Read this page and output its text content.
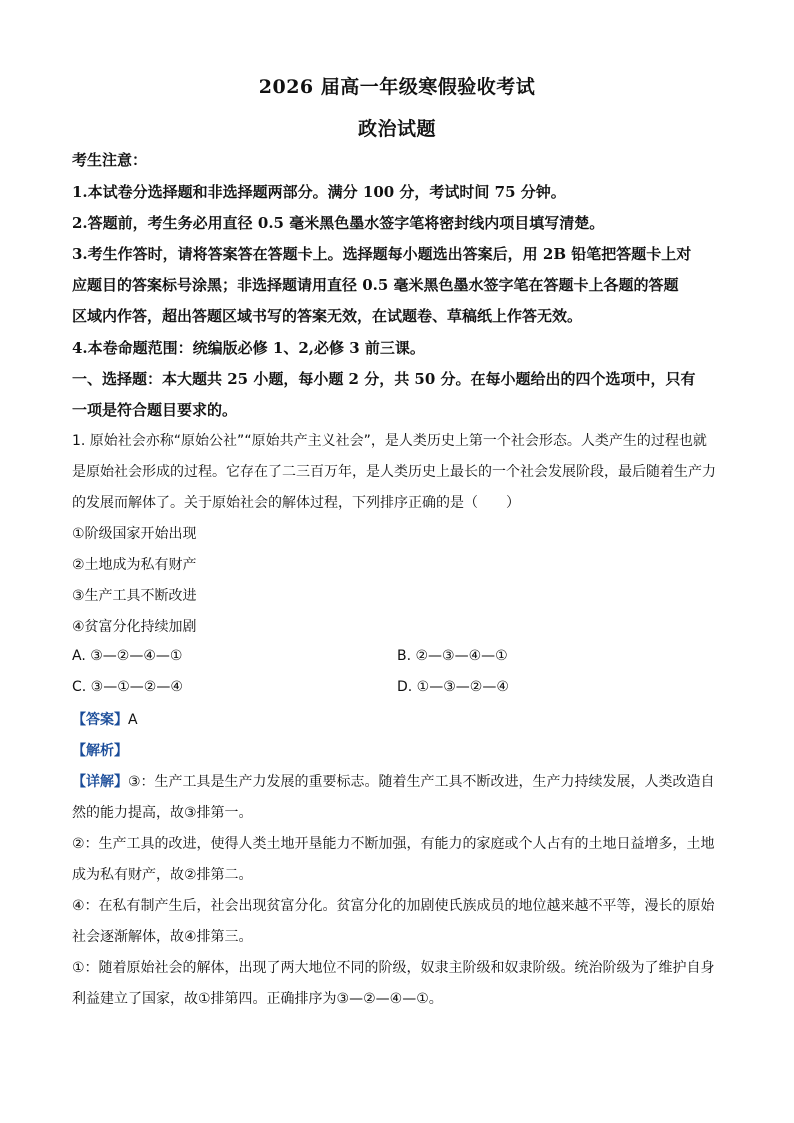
2026 届高一年级寒假验收考试
政治试题
考生注意：
1.本试卷分选择题和非选择题两部分。满分 100 分，考试时间 75 分钟。
2.答题前，考生务必用直径 0.5 毫米黑色墨水签字笔将密封线内项目填写清楚。
3.考生作答时，请将答案答在答题卡上。选择题每小题选出答案后，用 2B 铅笔把答题卡上对
应题目的答案标号涂黑；非选择题请用直径 0.5 毫米黑色墨水签字笔在答题卡上各题的答题
区域内作答，超出答题区域书写的答案无效，在试题卷、草稿纸上作答无效。
4.本卷命题范围：统编版必修 1、2,必修 3 前三课。
一、选择题：本大题共 25 小题，每小题 2 分，共 50 分。在每小题给出的四个选项中，只有
一项是符合题目要求的。
1. 原始社会亦称“原始公社”“原始共产主义社会”，是人类历史上第一个社会形态。人类产生的过程也就
是原始社会形成的过程。它存在了二三百万年，是人类历史上最长的一个社会发展阶段，最后随着生产力
的发展而解体了。关于原始社会的解体过程，下列排序正确的是（　　）
①阶级国家开始出现
②土地成为私有财产
③生产工具不断改进
④贫富分化持续加剧
A. ③—②—④—①	B. ②—③—④—①
C. ③—①—②—④	D. ①—③—②—④
【答案】A
【解析】
【详解】③：生产工具是生产力发展的重要标志。随着生产工具不断改进，生产力持续发展，人类改造自
然的能力提高，故③排第一。
②：生产工具的改进，使得人类土地开垦能力不断加强，有能力的家庭或个人占有的土地日益增多，土地
成为私有财产，故②排第二。
④：在私有制产生后，社会出现贫富分化。贫富分化的加剧使氏族成员的地位越来越不平等，漫长的原始
社会逐渐解体，故④排第三。
①：随着原始社会的解体，出现了两大地位不同的阶级，奴隶主阶级和奴隶阶级。统治阶级为了维护自身
利益建立了国家，故①排第四。正确排序为③—②—④—①。
